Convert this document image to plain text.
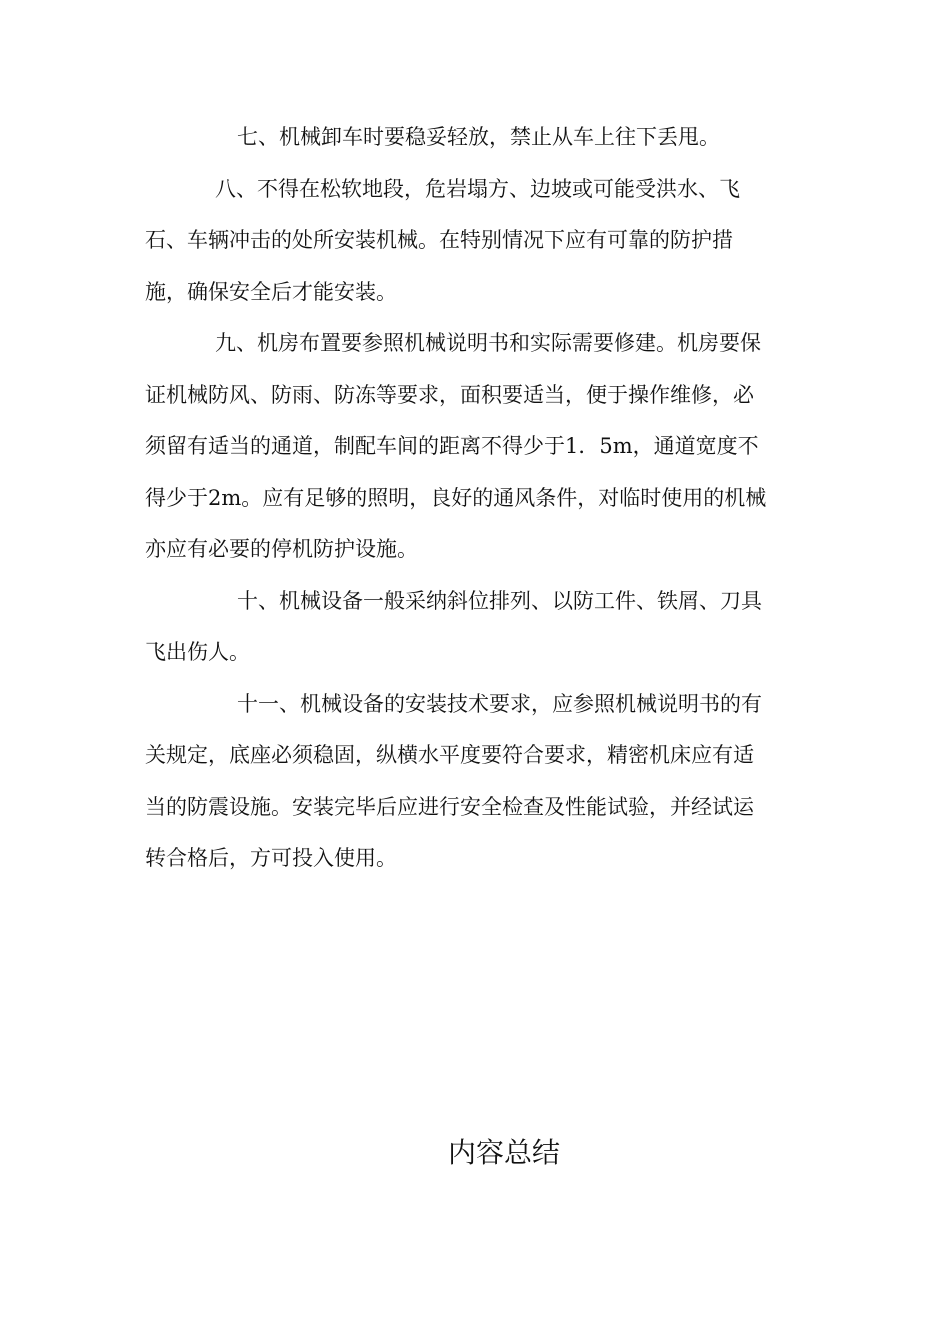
七、机械卸车时要稳妥轻放，禁止从车上往下丢甩。

八、不得在松软地段，危岩塌方、边坡或可能受洪水、飞
石、车辆冲击的处所安装机械。在特别情况下应有可靠的防护措
施，确保安全后才能安装。

九、机房布置要参照机械说明书和实际需要修建。机房要保
证机械防风、防雨、防冻等要求，面积要适当，便于操作维修，必
须留有适当的通道，制配车间的距离不得少于1．5m，通道宽度不
得少于2m。应有足够的照明，良好的通风条件，对临时使用的机械
亦应有必要的停机防护设施。

十、机械设备一般采纳斜位排列、以防工件、铁屑、刀具
飞出伤人。

十一、机械设备的安装技术要求，应参照机械说明书的有
关规定，底座必须稳固，纵横水平度要符合要求，精密机床应有适
当的防震设施。安装完毕后应进行安全检查及性能试验，并经试运
转合格后，方可投入使用。

内容总结
